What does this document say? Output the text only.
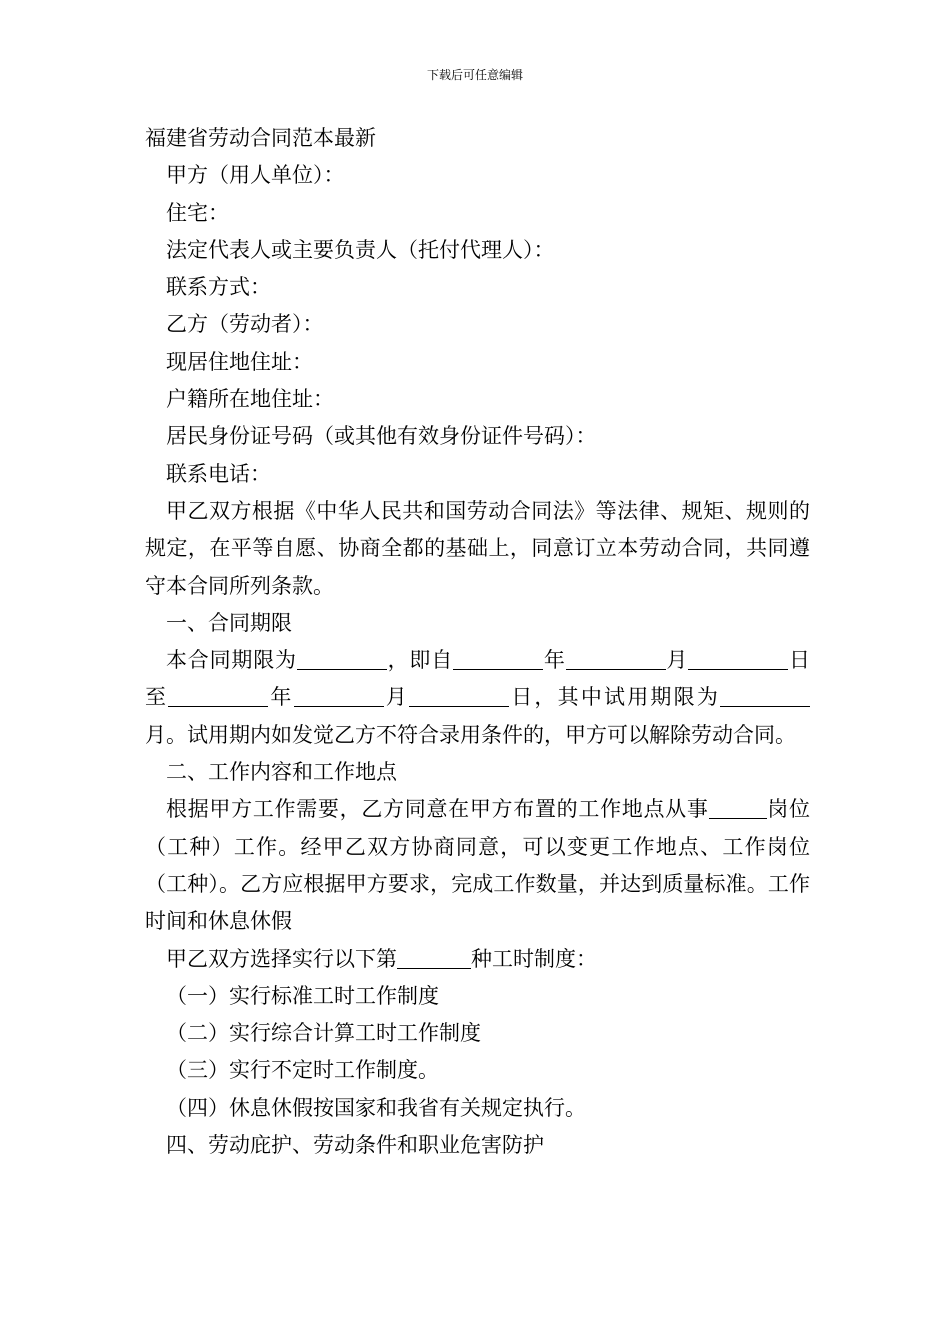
下载后可任意编辑
福建省劳动合同范本最新
甲方（用人单位）：
住宅：
法定代表人或主要负责人（托付代理人）：
联系方式：
乙方（劳动者）：
现居住地住址：
户籍所在地住址：
居民身份证号码（或其他有效身份证件号码）：
联系电话：
甲乙双方根据《中华人民共和国劳动合同法》等法律、规矩、规则的规定，在平等自愿、协商全都的基础上，同意订立本劳动合同，共同遵守本合同所列条款。
一、合同期限
本合同期限为	，即自	年	月	日至	年	月	日，其中试用期限为月。试用期内如发觉乙方不符合录用条件的，甲方可以解除劳动合同。
二、工作内容和工作地点
根据甲方工作需要，乙方同意在甲方布置的工作地点从事	岗位（工种）工作。经甲乙双方协商同意，可以变更工作地点、工作岗位（工种）。乙方应根据甲方要求，完成工作数量，并达到质量标准。工作时间和休息休假
甲乙双方选择实行以下第	种工时制度：
（一）实行标准工时工作制度
（二）实行综合计算工时工作制度
（三）实行不定时工作制度。
（四）休息休假按国家和我省有关规定执行。
四、劳动庇护、劳动条件和职业危害防护
